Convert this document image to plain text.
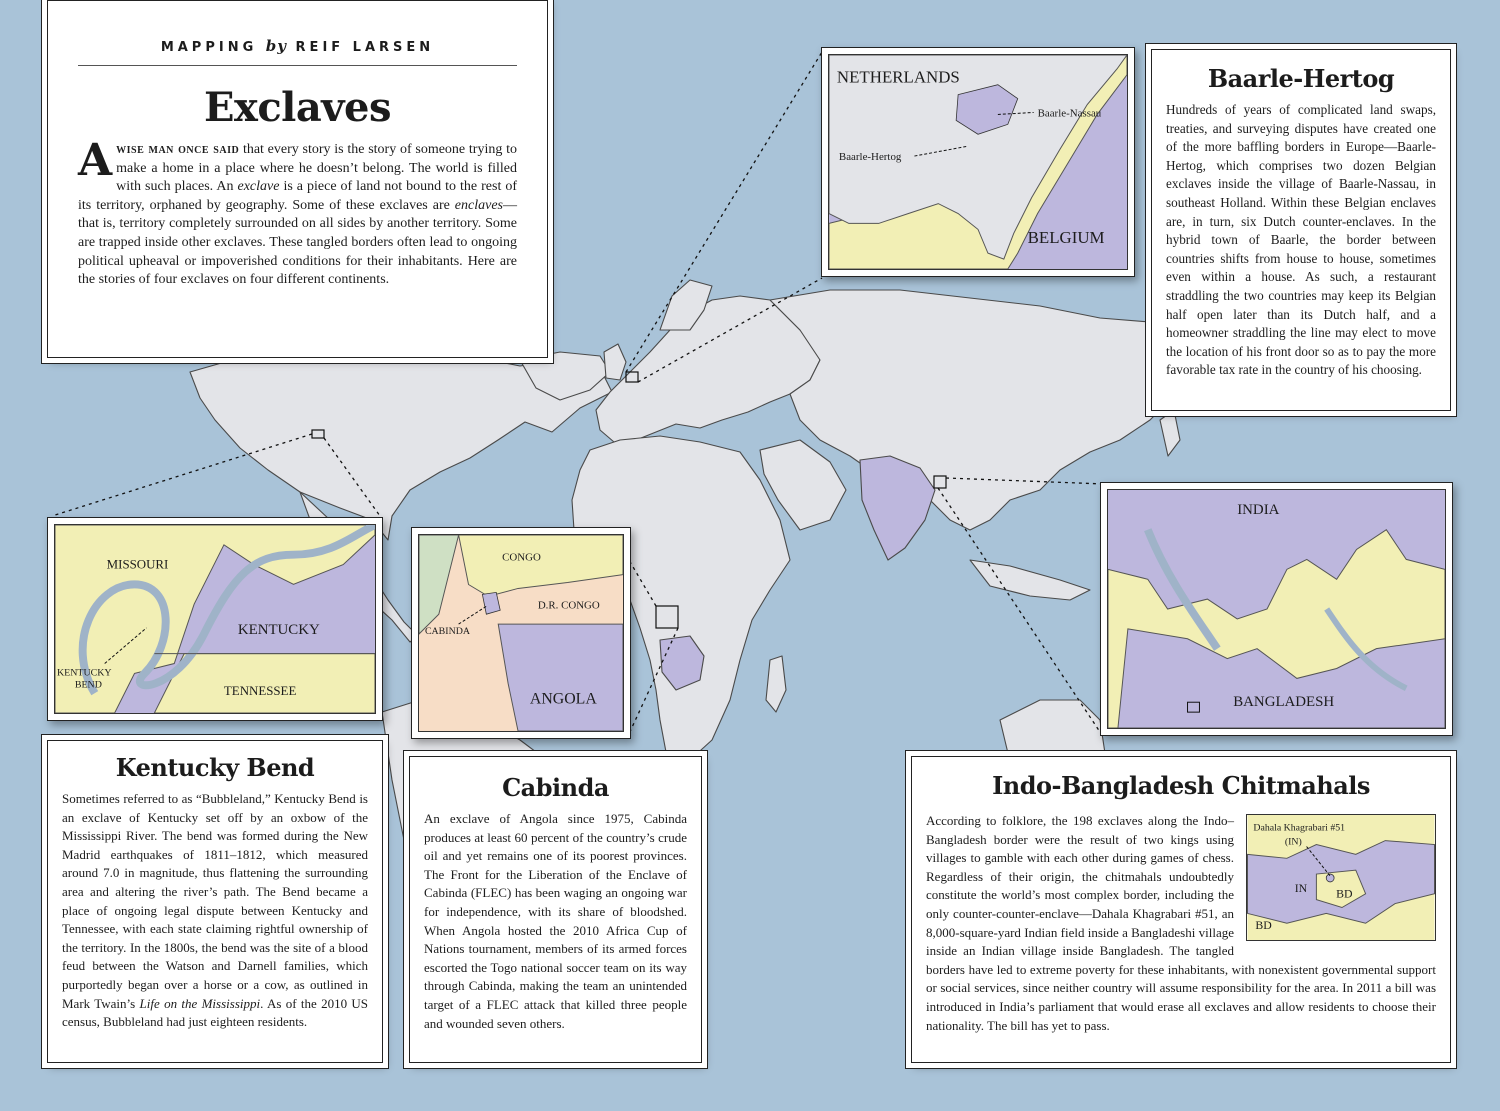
MAPPING by REIF LARSEN
Exclaves

Awise man once said that every story is the story of someone trying to make a home in a place where he doesn’t belong. The world is filled with such places. An exclave is a piece of land not bound to the rest of its territory, orphaned by geography. Some of these exclaves are enclaves—that is, territory completely surrounded on all sides by another territory. Some are trapped inside other exclaves. These tangled borders often lead to ongoing political upheaval or impoverished conditions for their inhabitants. Here are the stories of four exclaves on four different continents.

NETHERLANDS
BELGIUM
Baarle-Nassau
Baarle-Hertog
Baarle-Hertog

Hundreds of years of complicated land swaps, treaties, and surveying disputes have created one of the more baffling borders in Europe—Baarle-Hertog, which comprises two dozen Belgian exclaves inside the village of Baarle-Nassau, in southeast Holland. Within these Belgian enclaves are, in turn, six Dutch counter-enclaves. In the hybrid town of Baarle, the border between countries shifts from house to house, sometimes even within a house. As such, a restaurant straddling the two countries may keep its Belgian half open later than its Dutch half, and a homeowner straddling the line may elect to move the location of his front door so as to pay the more favorable tax rate in the country of his choosing.

MISSOURI
KENTUCKY
TENNESSEE
KENTUCKY
BEND
Kentucky Bend

Sometimes referred to as “Bubbleland,” Kentucky Bend is an exclave of Kentucky set off by an oxbow of the Mississippi River. The bend was formed during the New Madrid earthquakes of 1811–1812, which measured around 7.0 in magnitude, thus flattening the surrounding area and altering the river’s path. The Bend became a place of ongoing legal dispute between Kentucky and Tennessee, with each state claiming rightful ownership of the territory. In the 1800s, the bend was the site of a blood feud between the Watson and Darnell families, which purportedly began over a horse or a cow, as outlined in Mark Twain’s Life on the Mississippi. As of the 2010 US census, Bubbleland had just eighteen residents.

CONGO
D.R. CONGO
CABINDA
ANGOLA
Cabinda

An exclave of Angola since 1975, Cabinda produces at least 60 percent of the country’s crude oil and yet remains one of its poorest provinces. The Front for the Liberation of the Enclave of Cabinda (FLEC) has been waging an ongoing war for independence, with its share of bloodshed. When Angola hosted the 2010 Africa Cup of Nations tournament, members of its armed forces escorted the Togo national soccer team on its way through Cabinda, making the team an unintended target of a FLEC attack that killed three people and wounded seven others.

INDIA
BANGLADESH
Indo-Bangladesh Chitmahals
Dahala Khagrabari #51
(IN)
IN BD
BD

According to folklore, the 198 exclaves along the Indo–Bangladesh border were the result of two kings using villages to gamble with each other during games of chess. Regardless of their origin, the chitmahals undoubtedly constitute the world’s most complex border, including the only counter-counter-enclave—Dahala Khagrabari #51, an 8,000-square-yard Indian field inside a Bangladeshi village inside an Indian village inside Bangladesh. The tangled borders have led to extreme poverty for these inhabitants, with nonexistent governmental support or social services, since neither country will assume responsibility for the area. In 2011 a bill was introduced in India’s parliament that would erase all exclaves and allow residents to choose their nationality. The bill has yet to pass.
